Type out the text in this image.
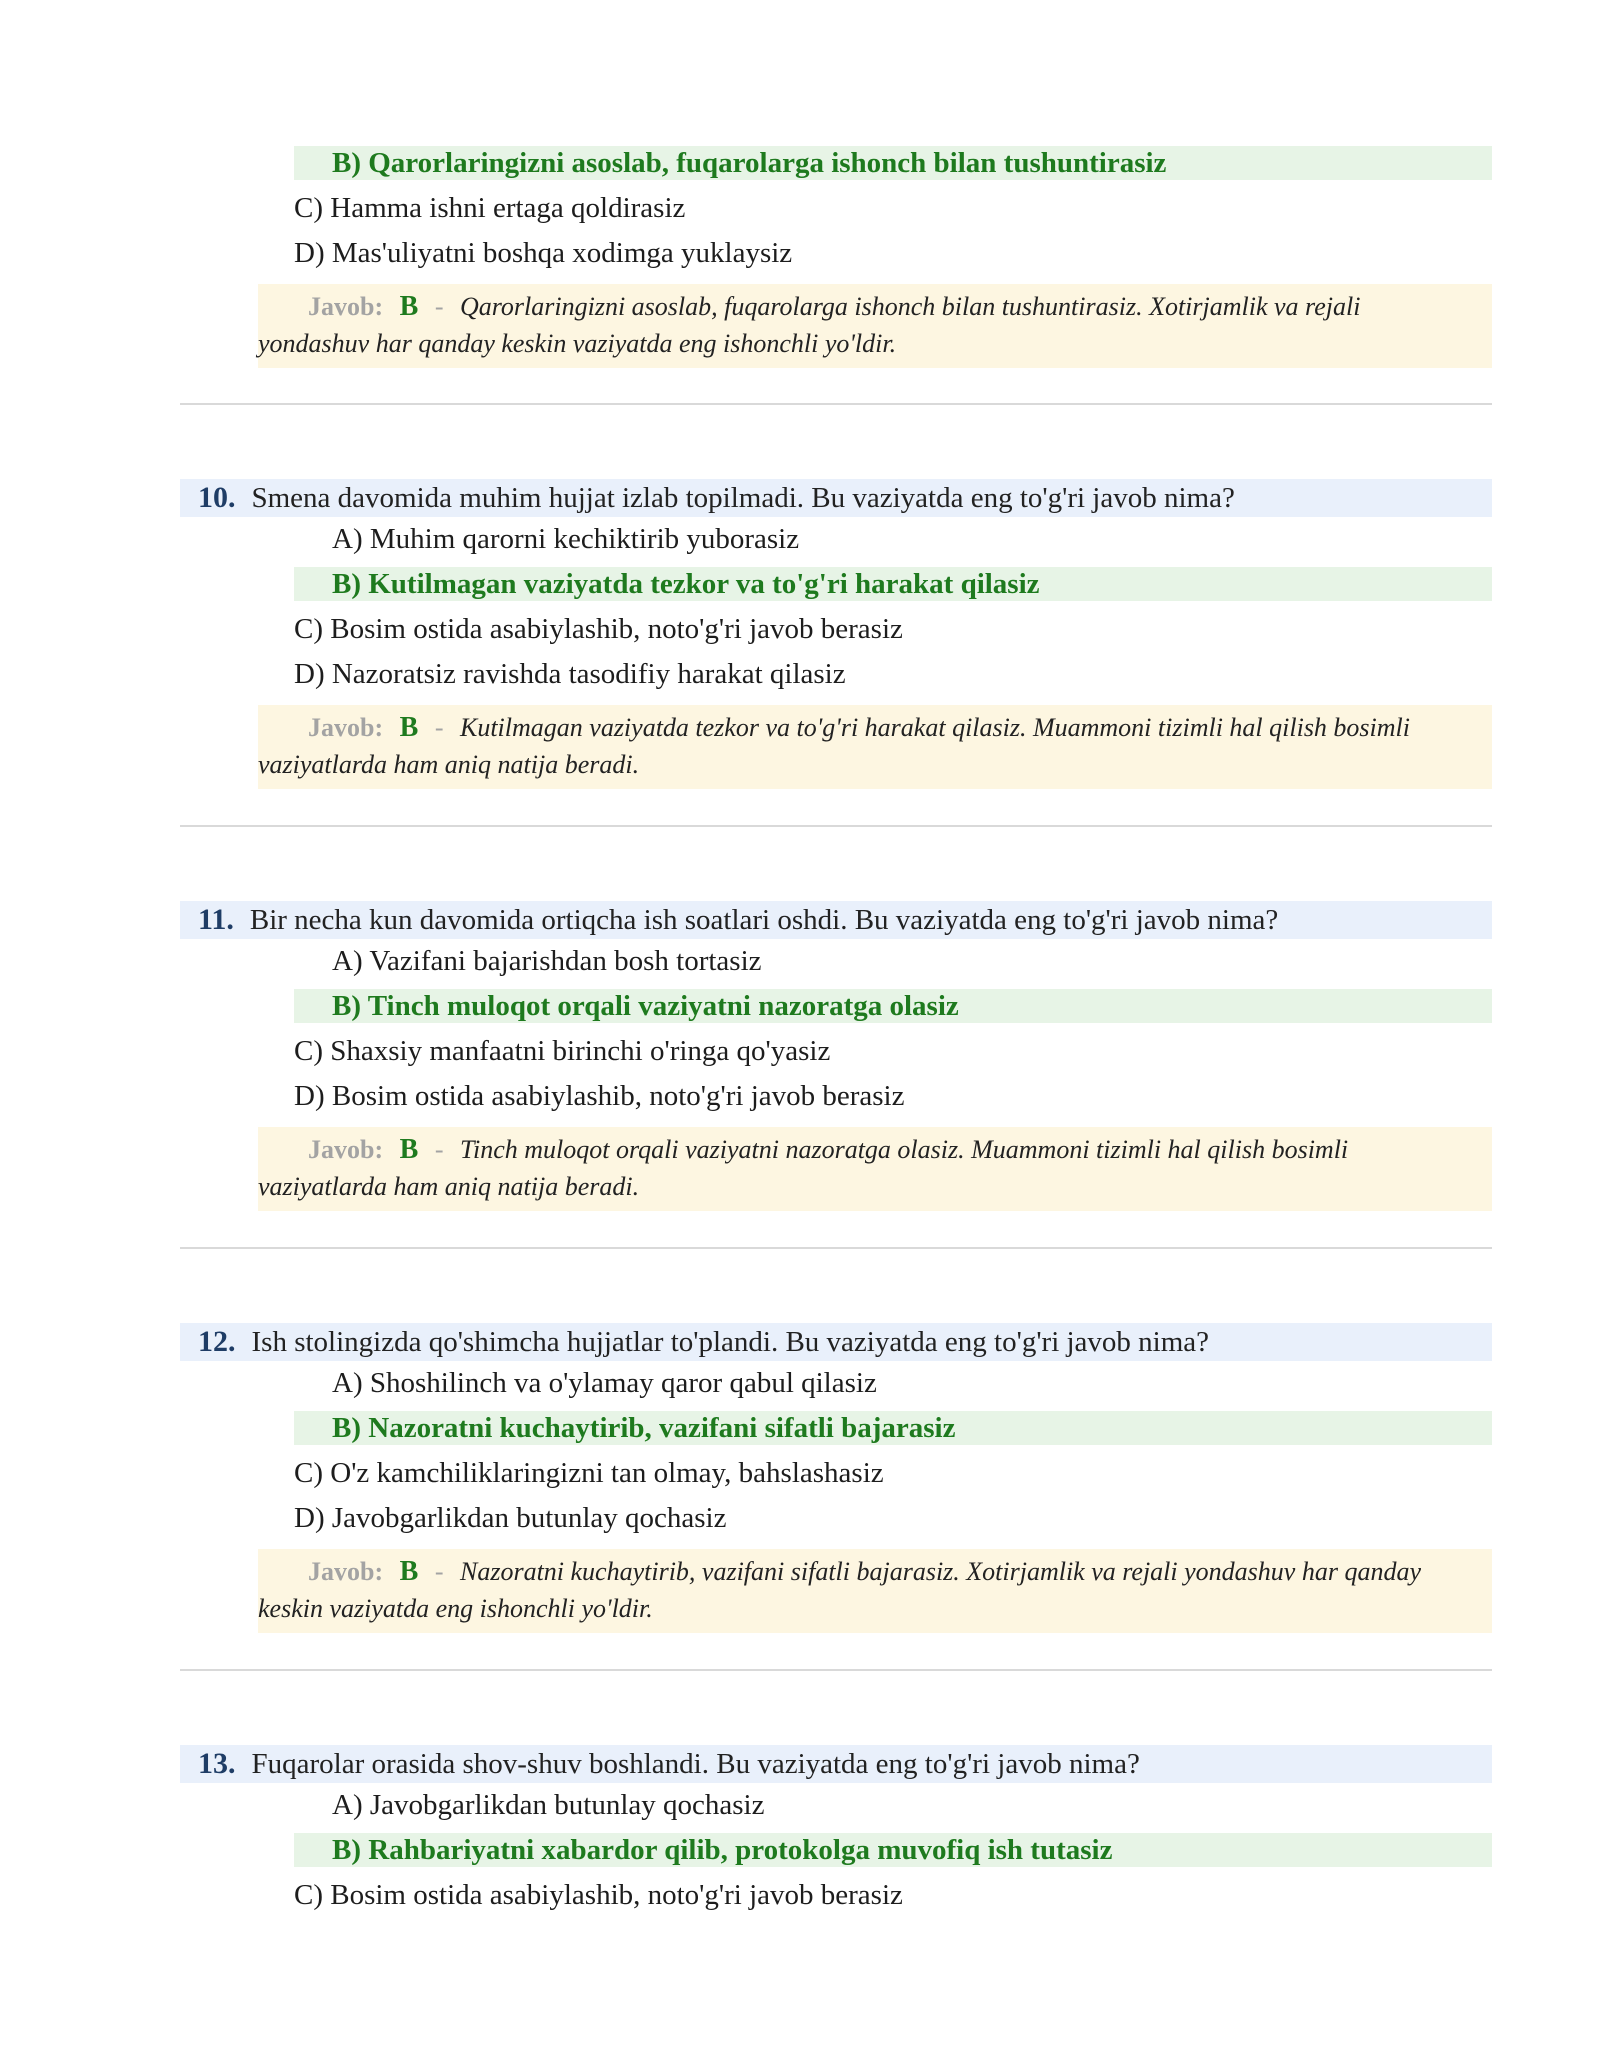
B) Qarorlaringizni asoslab, fuqarolarga ishonch bilan tushuntirasiz
C) Hamma ishni ertaga qoldirasiz
D) Mas'uliyatni boshqa xodimga yuklaysiz
Javob: B - Qarorlaringizni asoslab, fuqarolarga ishonch bilan tushuntirasiz. Xotirjamlik va rejali yondashuv har qanday keskin vaziyatda eng ishonchli yo'ldir.
10. Smena davomida muhim hujjat izlab topilmadi. Bu vaziyatda eng to'g'ri javob nima?
A) Muhim qarorni kechiktirib yuborasiz
B) Kutilmagan vaziyatda tezkor va to'g'ri harakat qilasiz
C) Bosim ostida asabiylashib, noto'g'ri javob berasiz
D) Nazoratsiz ravishda tasodifiy harakat qilasiz
Javob: B - Kutilmagan vaziyatda tezkor va to'g'ri harakat qilasiz. Muammoni tizimli hal qilish bosimli vaziyatlarda ham aniq natija beradi.
11. Bir necha kun davomida ortiqcha ish soatlari oshdi. Bu vaziyatda eng to'g'ri javob nima?
A) Vazifani bajarishdan bosh tortasiz
B) Tinch muloqot orqali vaziyatni nazoratga olasiz
C) Shaxsiy manfaatni birinchi o'ringa qo'yasiz
D) Bosim ostida asabiylashib, noto'g'ri javob berasiz
Javob: B - Tinch muloqot orqali vaziyatni nazoratga olasiz. Muammoni tizimli hal qilish bosimli vaziyatlarda ham aniq natija beradi.
12. Ish stolingizda qo'shimcha hujjatlar to'plandi. Bu vaziyatda eng to'g'ri javob nima?
A) Shoshilinch va o'ylamay qaror qabul qilasiz
B) Nazoratni kuchaytirib, vazifani sifatli bajarasiz
C) O'z kamchiliklaringizni tan olmay, bahslashasiz
D) Javobgarlikdan butunlay qochasiz
Javob: B - Nazoratni kuchaytirib, vazifani sifatli bajarasiz. Xotirjamlik va rejali yondashuv har qanday keskin vaziyatda eng ishonchli yo'ldir.
13. Fuqarolar orasida shov-shuv boshlandi. Bu vaziyatda eng to'g'ri javob nima?
A) Javobgarlikdan butunlay qochasiz
B) Rahbariyatni xabardor qilib, protokolga muvofiq ish tutasiz
C) Bosim ostida asabiylashib, noto'g'ri javob berasiz
